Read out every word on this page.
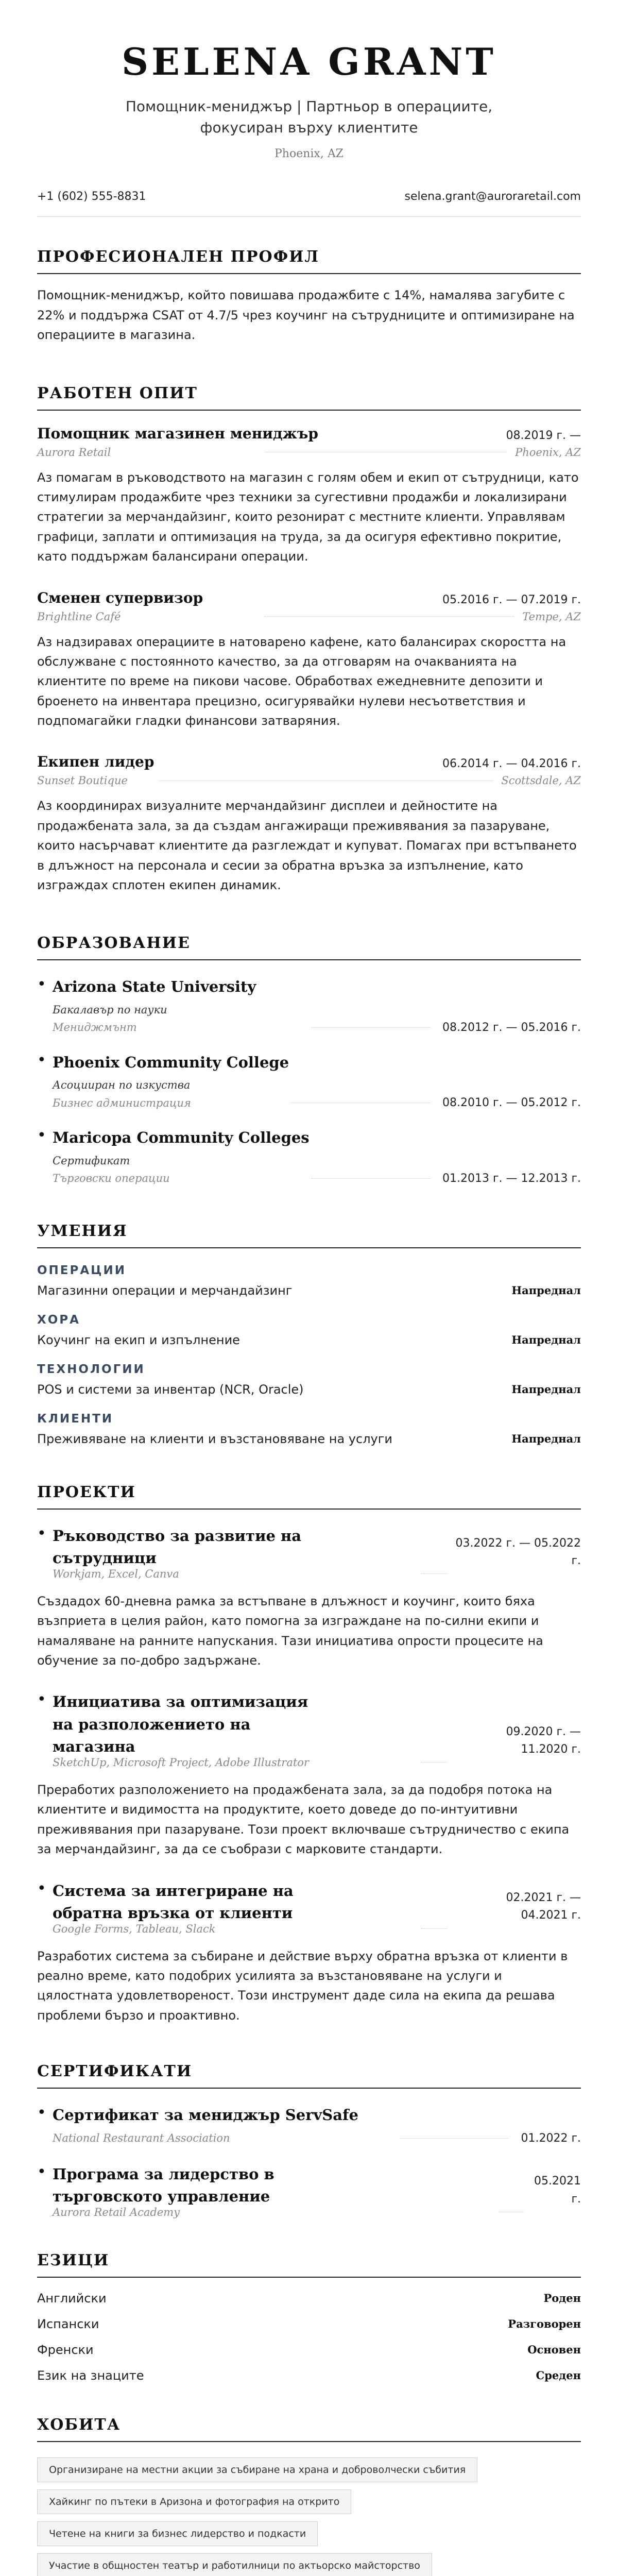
SELENA GRANT
Помощник-мениджър | Партньор в операциите, фокусиран върху клиентите
Phoenix, AZ
+1 (602) 555-8831	selena.grant@auroraretail.com
ПРОФЕСИОНАЛЕН ПРОФИЛ
Помощник-мениджър, който повишава продажбите с 14%, намалява загубите с 22% и поддържа CSAT от 4.7/5 чрез коучинг на сътрудниците и оптимизиране на операциите в магазина.
РАБОТЕН ОПИТ
Помощник магазинен мениджър	08.2019 г. —
Aurora Retail	Phoenix, AZ
Аз помагам в ръководството на магазин с голям обем и екип от сътрудници, като стимулирам продажбите чрез техники за сугестивни продажби и локализирани стратегии за мерчандайзинг, които резонират с местните клиенти. Управлявам графици, заплати и оптимизация на труда, за да осигуря ефективно покритие, като поддържам балансирани операции.
Сменен супервизор	05.2016 г. — 07.2019 г.
Brightline Café	Tempe, AZ
Аз надзиравах операциите в натоварено кафене, като балансирах скоростта на обслужване с постоянното качество, за да отговарям на очакванията на клиентите по време на пикови часове. Обработвах ежедневните депозити и броенето на инвентара прецизно, осигурявайки нулеви несъответствия и подпомагайки гладки финансови затваряния.
Екипен лидер	06.2014 г. — 04.2016 г.
Sunset Boutique	Scottsdale, AZ
Аз координирах визуалните мерчандайзинг дисплеи и дейностите на продажбената зала, за да създам ангажиращи преживявания за пазаруване, които насърчават клиентите да разглеждат и купуват. Помагах при встъпването в длъжност на персонала и сесии за обратна връзка за изпълнение, като изграждах сплотен екипен динамик.
ОБРАЗОВАНИЕ
• Arizona State University
Бакалавър по науки
Мениджмънт	08.2012 г. — 05.2016 г.
• Phoenix Community College
Асоцииран по изкуства
Бизнес администрация	08.2010 г. — 05.2012 г.
• Maricopa Community Colleges
Сертификат
Търговски операции	01.2013 г. — 12.2013 г.
УМЕНИЯ
ОПЕРАЦИИ
Магазинни операции и мерчандайзинг	Напреднал
ХОРА
Коучинг на екип и изпълнение	Напреднал
ТЕХНОЛОГИИ
POS и системи за инвентар (NCR, Oracle)	Напреднал
КЛИЕНТИ
Преживяване на клиенти и възстановяване на услуги	Напреднал
ПРОЕКТИ
• Ръководство за развитие на сътрудници
03.2022 г. — 05.2022
г.
Workjam, Excel, Canva
Създадох 60-дневна рамка за встъпване в длъжност и коучинг, които бяха възприета в целия район, като помогна за изграждане на по-силни екипи и намаляване на ранните напускания. Тази инициатива опрости процесите на обучение за по-добро задържане.
• Инициатива за оптимизация на разположението на магазина
09.2020 г. —
11.2020 г.
SketchUp, Microsoft Project, Adobe Illustrator
Преработих разположението на продажбената зала, за да подобря потока на клиентите и видимостта на продуктите, което доведе до по-интуитивни преживявания при пазаруване. Този проект включваше сътрудничество с екипа за мерчандайзинг, за да се съобрази с марковите стандарти.
• Система за интегриране на обратна връзка от клиенти
02.2021 г. —
04.2021 г.
Google Forms, Tableau, Slack
Разработих система за събиране и действие върху обратна връзка от клиенти в реално време, като подобрих усилията за възстановяване на услуги и цялостната удовлетвореност. Този инструмент даде сила на екипа да решава проблеми бързо и проактивно.
СЕРТИФИКАТИ
• Сертификат за мениджър ServSafe
National Restaurant Association	01.2022 г.
• Програма за лидерство в търговското управление
05.2021
г.
Aurora Retail Academy
ЕЗИЦИ
Английски	Роден
Испански	Разговорен
Френски	Основен
Език на знаците	Среден
ХОБИТА
Организиране на местни акции за събиране на храна и доброволчески събития
Хайкинг по пътеки в Аризона и фотография на открито
Четене на книги за бизнес лидерство и подкасти
Участие в общностен театър и работилници по актьорско майсторство
